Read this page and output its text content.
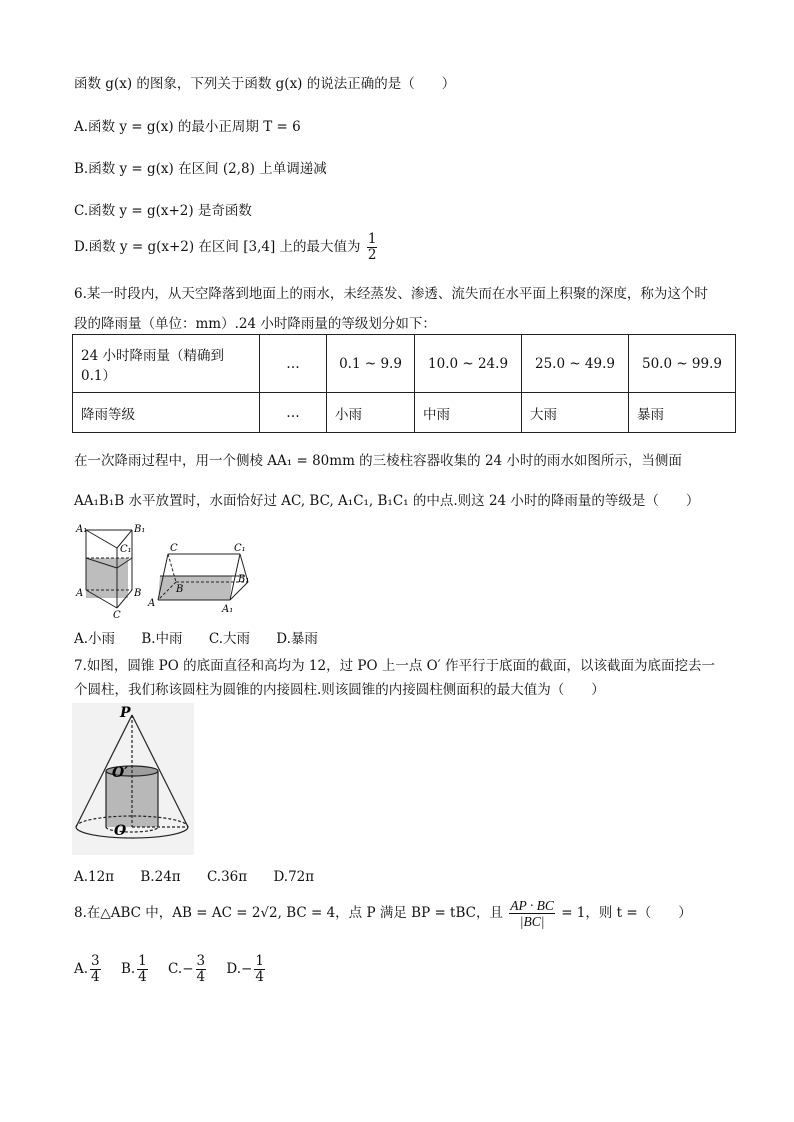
函数 g(x) 的图象，下列关于函数 g(x) 的说法正确的是（　　）
A.函数 y = g(x) 的最小正周期 T = 6
B.函数 y = g(x) 在区间 (2,8) 上单调递减
C.函数 y = g(x+2) 是奇函数
D.函数 y = g(x+2) 在区间 [3,4] 上的最大值为 $\frac{1}{2}$
6.某一时段内，从天空降落到地面上的雨水，未经蒸发、渗透、流失而在水平面上积聚的深度，称为这个时
段的降雨量（单位：mm）.24 小时降雨量的等级划分如下：
24 小时降雨量（精确到 0.1）	…	0.1 ~ 9.9	10.0 ~ 24.9	25.0 ~ 49.9	50.0 ~ 99.9
降雨等级	…	小雨	中雨	大雨	暴雨
在一次降雨过程中，用一个侧棱 AA₁ = 80mm 的三棱柱容器收集的 24 小时的雨水如图所示，当侧面
AA₁B₁B 水平放置时，水面恰好过 AC, BC, A₁C₁, B₁C₁ 的中点.则这 24 小时的降雨量的等级是（　　）
A₁	B₁
C₁
A	B
C
C	C₁
B
B₁
A
A₁
A.小雨 B.中雨 C.大雨 D.暴雨
7.如图，圆锥 PO 的底面直径和高均为 12，过 PO 上一点 O′ 作平行于底面的截面，以该截面为底面挖去一
个圆柱，我们称该圆柱为圆锥的内接圆柱.则该圆锥的内接圆柱侧面积的最大值为（　　）
P
O′
O
A.12π B.24π C.36π D.72π
8.在△ABC 中，AB = AC = 2√2, BC = 4，点 P 满足 BP = tBC，且 $\frac{AP \cdot BC}{|BC|} = 1$，则 t =（　　）
A. $\frac{3}{4} B$. $\frac{1}{4} C.- \frac{3}{4} D.- \frac{1}{4}$
